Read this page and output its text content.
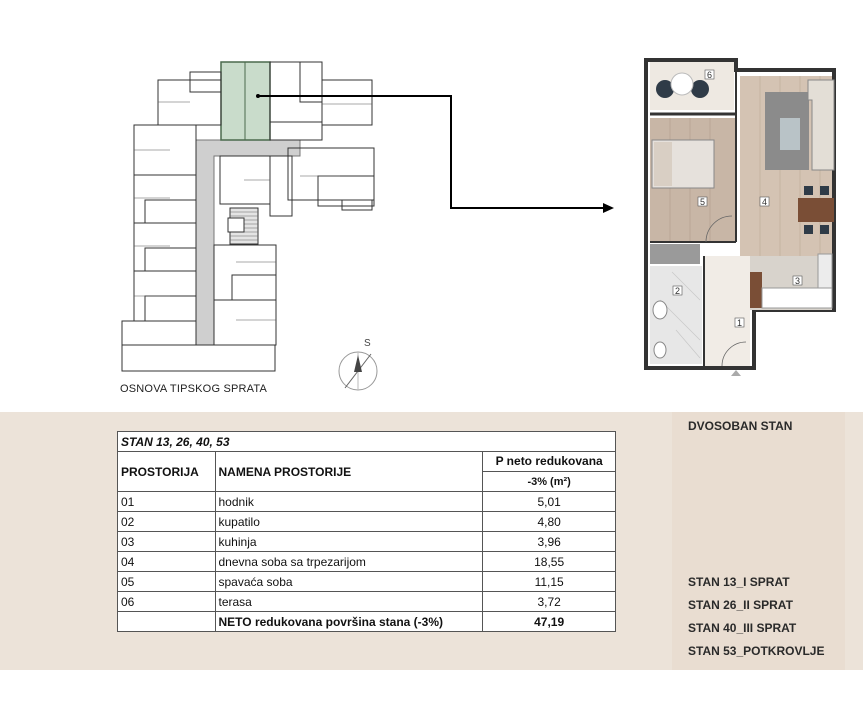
S
6
5	4
3
2
1
OSNOVA TIPSKOG SPRATA
STAN 13, 26, 40, 53		
PROSTORIJA	NAMENA PROSTORIJE	P neto redukovana
		-3% (m²)
01	hodnik	5,01
02	kupatilo	4,80
03	kuhinja	3,96
04	dnevna soba sa trpezarijom	18,55
05	spavaća soba	11,15
06	terasa	3,72
	NETO redukovana površina stana (-3%)	47,19
DVOSOBAN STAN
STAN 13_I SPRAT
STAN 26_II SPRAT
STAN 40_III SPRAT
STAN 53_POTKROVLJE
